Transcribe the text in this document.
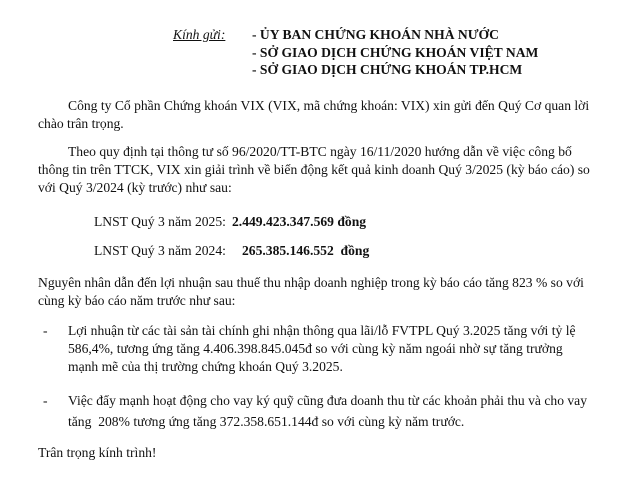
Kính gửi: - ỦY BAN CHỨNG KHOÁN NHÀ NƯỚC
- SỞ GIAO DỊCH CHỨNG KHOÁN VIỆT NAM
- SỞ GIAO DỊCH CHỨNG KHOÁN TP.HCM
Công ty Cổ phần Chứng khoán VIX (VIX, mã chứng khoán: VIX) xin gửi đến Quý Cơ quan lời
chào trân trọng.
Theo quy định tại thông tư số 96/2020/TT-BTC ngày 16/11/2020 hướng dẫn về việc công bố
thông tin trên TTCK, VIX xin giải trình về biến động kết quả kinh doanh Quý 3/2025 (kỳ báo cáo) so
với Quý 3/2024 (kỳ trước) như sau:
LNST Quý 3 năm 2025: 2.449.423.347.569 đồng
LNST Quý 3 năm 2024: 265.385.146.552  đồng
Nguyên nhân dẫn đến lợi nhuận sau thuế thu nhập doanh nghiệp trong kỳ báo cáo tăng 823 % so với
cùng kỳ báo cáo năm trước như sau:
- Lợi nhuận từ các tài sản tài chính ghi nhận thông qua lãi/lỗ FVTPL Quý 3.2025 tăng với tỷ lệ
586,4%, tương ứng tăng 4.406.398.845.045đ so với cùng kỳ năm ngoái nhờ sự tăng trưởng
mạnh mẽ của thị trường chứng khoán Quý 3.2025.
- Việc đẩy mạnh hoạt động cho vay ký quỹ cũng đưa doanh thu từ các khoản phải thu và cho vay
tăng  208% tương ứng tăng 372.358.651.144đ so với cùng kỳ năm trước.
Trân trọng kính trình!
